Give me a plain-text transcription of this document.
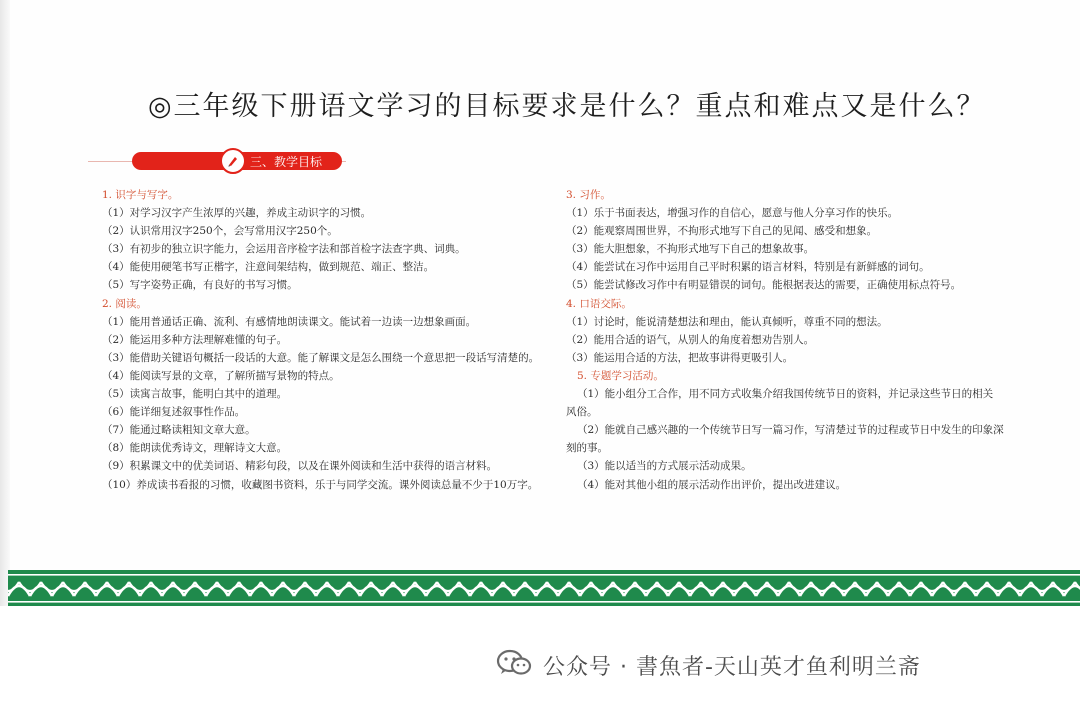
◎三年级下册语文学习的目标要求是什么？重点和难点又是什么？
三、教学目标
1. 识字与写字。
（1）对学习汉字产生浓厚的兴趣，养成主动识字的习惯。
（2）认识常用汉字250个，会写常用汉字250个。
（3）有初步的独立识字能力，会运用音序检字法和部首检字法查字典、词典。
（4）能使用硬笔书写正楷字，注意间架结构，做到规范、端正、整洁。
（5）写字姿势正确，有良好的书写习惯。
2. 阅读。
（1）能用普通话正确、流利、有感情地朗读课文。能试着一边读一边想象画面。
（2）能运用多种方法理解难懂的句子。
（3）能借助关键语句概括一段话的大意。能了解课文是怎么围绕一个意思把一段话写清楚的。
（4）能阅读写景的文章，了解所描写景物的特点。
（5）读寓言故事，能明白其中的道理。
（6）能详细复述叙事性作品。
（7）能通过略读粗知文章大意。
（8）能朗读优秀诗文，理解诗文大意。
（9）积累课文中的优美词语、精彩句段，以及在课外阅读和生活中获得的语言材料。
（10）养成读书看报的习惯，收藏图书资料，乐于与同学交流。课外阅读总量不少于10万字。
3. 习作。
（1）乐于书面表达，增强习作的自信心，愿意与他人分享习作的快乐。
（2）能观察周围世界，不拘形式地写下自己的见闻、感受和想象。
（3）能大胆想象，不拘形式地写下自己的想象故事。
（4）能尝试在习作中运用自己平时积累的语言材料，特别是有新鲜感的词句。
（5）能尝试修改习作中有明显错误的词句。能根据表达的需要，正确使用标点符号。
4. 口语交际。
（1）讨论时，能说清楚想法和理由，能认真倾听，尊重不同的想法。
（2）能用合适的语气，从别人的角度着想劝告别人。
（3）能运用合适的方法，把故事讲得更吸引人。
5. 专题学习活动。
（1）能小组分工合作，用不同方式收集介绍我国传统节日的资料，并记录这些节日的相关
风俗。
（2）能就自己感兴趣的一个传统节日写一篇习作，写清楚过节的过程或节日中发生的印象深
刻的事。
（3）能以适当的方式展示活动成果。
（4）能对其他小组的展示活动作出评价，提出改进建议。
公众号 · 書魚者-天山英才鱼利明兰斋
